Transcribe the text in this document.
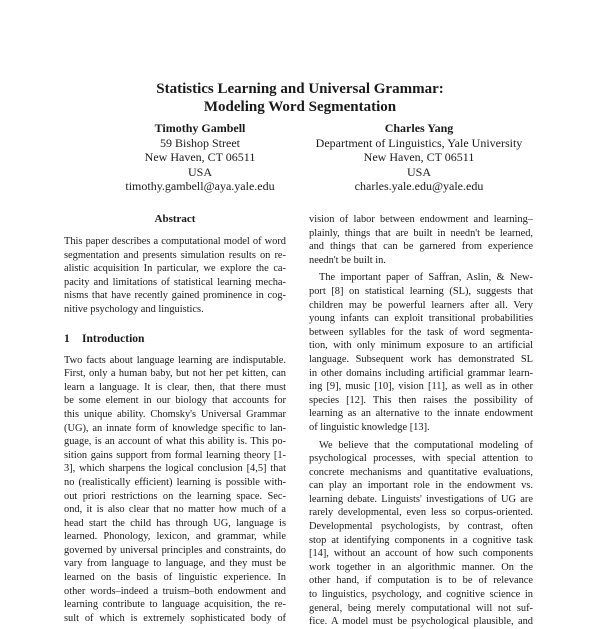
Statistics Learning and Universal Grammar:
Modeling Word Segmentation
Timothy Gambell
59 Bishop Street
New Haven, CT 06511
USA
timothy.gambell@aya.yale.edu
Charles Yang
Department of Linguistics, Yale University
New Haven, CT 06511
USA
charles.yale.edu@yale.edu
Abstract
This paper describes a computational model of word
segmentation and presents simulation results on re-
alistic acquisition In particular, we explore the ca-
pacity and limitations of statistical learning mecha-
nisms that have recently gained prominence in cog-
nitive psychology and linguistics.
1 Introduction
Two facts about language learning are indisputable.
First, only a human baby, but not her pet kitten, can
learn a language. It is clear, then, that there must
be some element in our biology that accounts for
this unique ability. Chomsky's Universal Grammar
(UG), an innate form of knowledge specific to lan-
guage, is an account of what this ability is. This po-
sition gains support from formal learning theory [1-
3], which sharpens the logical conclusion [4,5] that
no (realistically efficient) learning is possible with-
out priori restrictions on the learning space. Sec-
ond, it is also clear that no matter how much of a
head start the child has through UG, language is
learned. Phonology, lexicon, and grammar, while
governed by universal principles and constraints, do
vary from language to language, and they must be
learned on the basis of linguistic experience. In
other words–indeed a truism–both endowment and
learning contribute to language acquisition, the re-
sult of which is extremely sophisticated body of
vision of labor between endowment and learning–
plainly, things that are built in needn't be learned,
and things that can be garnered from experience
needn't be built in.
The important paper of Saffran, Aslin, & New-
port [8] on statistical learning (SL), suggests that
children may be powerful learners after all. Very
young infants can exploit transitional probabilities
between syllables for the task of word segmenta-
tion, with only minimum exposure to an artificial
language. Subsequent work has demonstrated SL
in other domains including artificial grammar learn-
ing [9], music [10], vision [11], as well as in other
species [12]. This then raises the possibility of
learning as an alternative to the innate endowment
of linguistic knowledge [13].
We believe that the computational modeling of
psychological processes, with special attention to
concrete mechanisms and quantitative evaluations,
can play an important role in the endowment vs.
learning debate. Linguists' investigations of UG are
rarely developmental, even less so corpus-oriented.
Developmental psychologists, by contrast, often
stop at identifying components in a cognitive task
[14], without an account of how such components
work together in an algorithmic manner. On the
other hand, if computation is to be of relevance
to linguistics, psychology, and cognitive science in
general, being merely computational will not suf-
fice. A model must be psychological plausible, and
